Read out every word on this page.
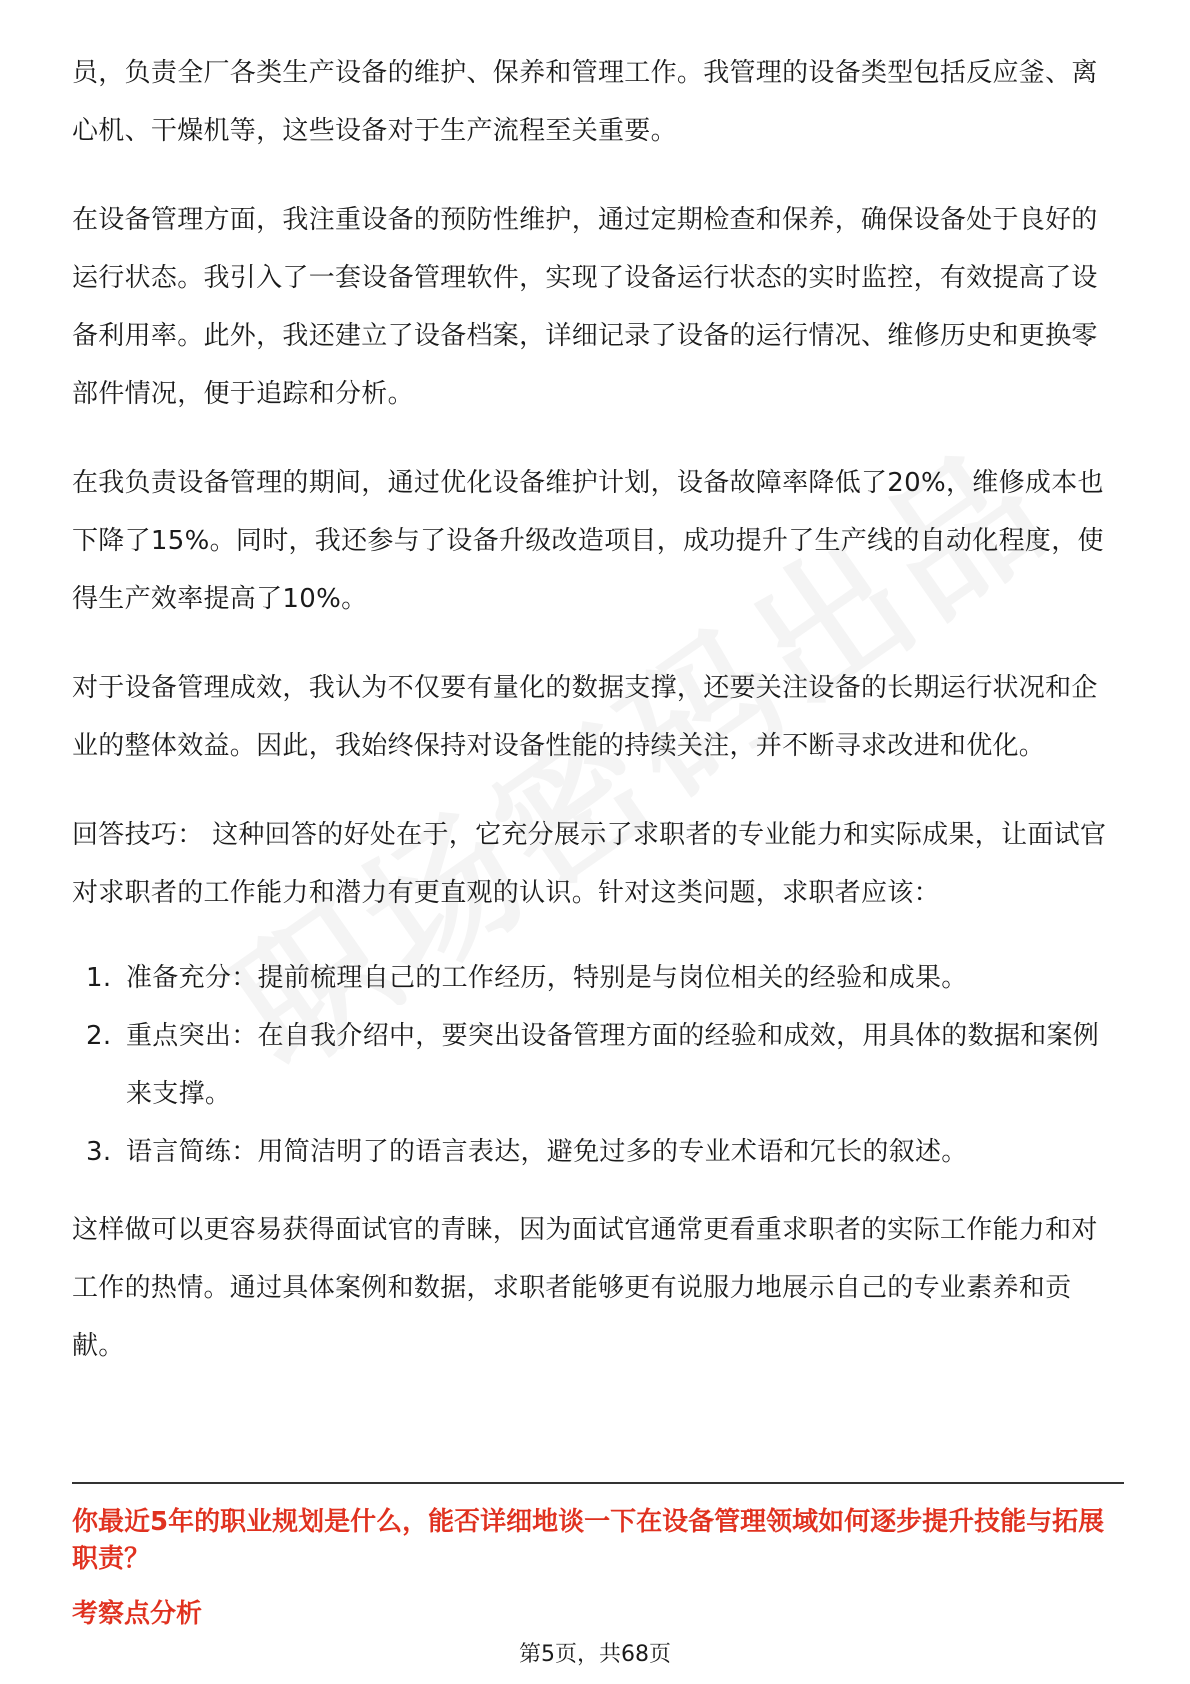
员，负责全厂各类生产设备的维护、保养和管理工作。我管理的设备类型包括反应釜、离心机、干燥机等，这些设备对于生产流程至关重要。

在设备管理方面，我注重设备的预防性维护，通过定期检查和保养，确保设备处于良好的运行状态。我引入了一套设备管理软件，实现了设备运行状态的实时监控，有效提高了设备利用率。此外，我还建立了设备档案，详细记录了设备的运行情况、维修历史和更换零部件情况，便于追踪和分析。

在我负责设备管理的期间，通过优化设备维护计划，设备故障率降低了20%，维修成本也下降了15%。同时，我还参与了设备升级改造项目，成功提升了生产线的自动化程度，使得生产效率提高了10%。

对于设备管理成效，我认为不仅要有量化的数据支撑，还要关注设备的长期运行状况和企业的整体效益。因此，我始终保持对设备性能的持续关注，并不断寻求改进和优化。

回答技巧： 这种回答的好处在于，它充分展示了求职者的专业能力和实际成果，让面试官对求职者的工作能力和潜力有更直观的认识。针对这类问题，求职者应该：

1. 准备充分：提前梳理自己的工作经历，特别是与岗位相关的经验和成果。
2. 重点突出：在自我介绍中，要突出设备管理方面的经验和成效，用具体的数据和案例来支撑。
3. 语言简练：用简洁明了的语言表达，避免过多的专业术语和冗长的叙述。

这样做可以更容易获得面试官的青睐，因为面试官通常更看重求职者的实际工作能力和对工作的热情。通过具体案例和数据，求职者能够更有说服力地展示自己的专业素养和贡献。

你最近5年的职业规划是什么，能否详细地谈一下在设备管理领域如何逐步提升技能与拓展职责？
考察点分析
第5页，共68页
